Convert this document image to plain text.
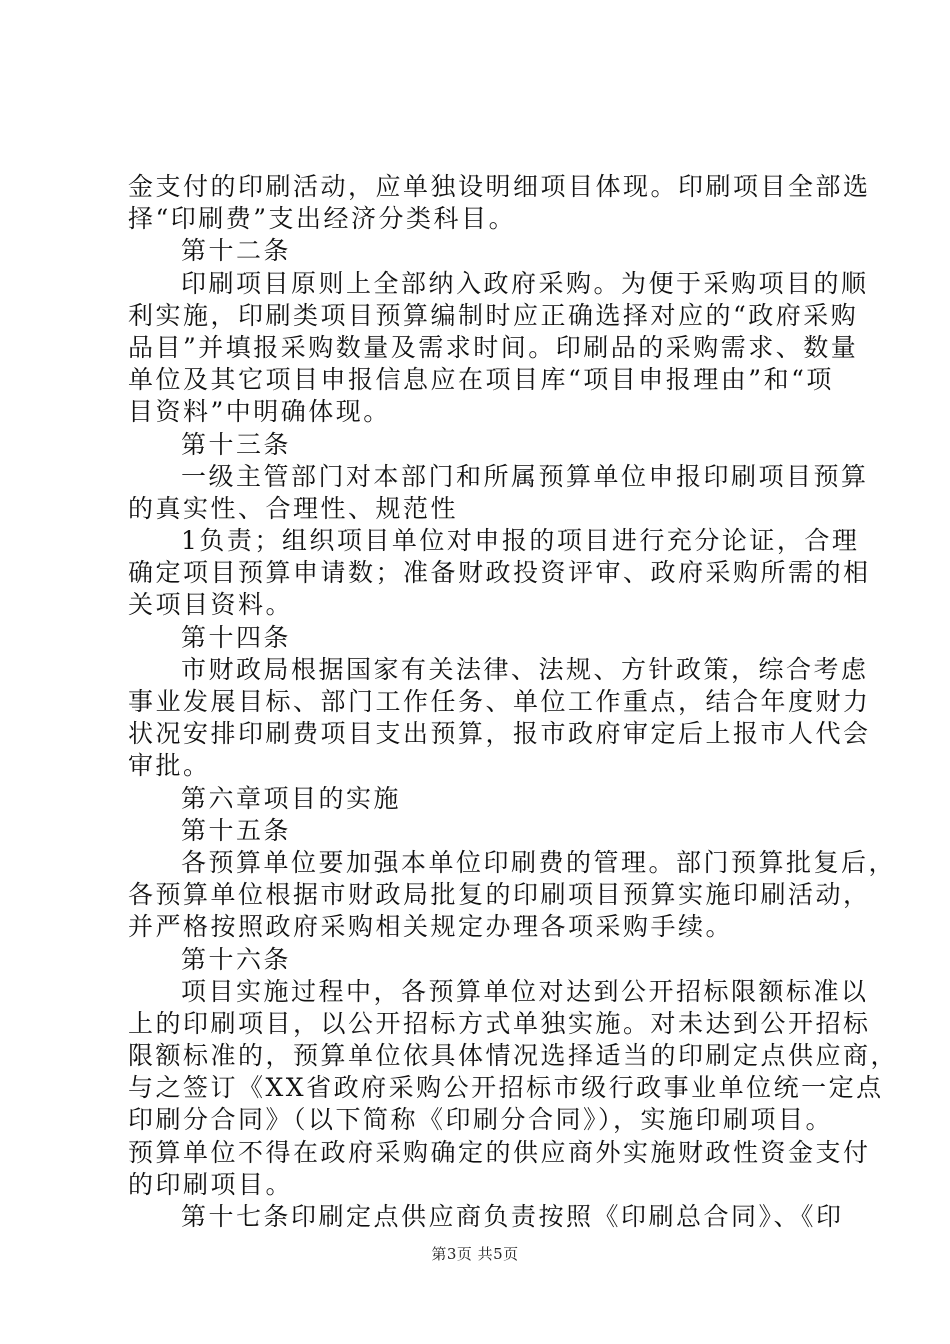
金支付的印刷活动，应单独设明细项目体现。印刷项目全部选
择“印刷费”支出经济分类科目。
第十二条
印刷项目原则上全部纳入政府采购。为便于采购项目的顺
利实施，印刷类项目预算编制时应正确选择对应的“政府采购
品目”并填报采购数量及需求时间。印刷品的采购需求、数量
单位及其它项目申报信息应在项目库“项目申报理由”和“项
目资料”中明确体现。
第十三条
一级主管部门对本部门和所属预算单位申报印刷项目预算
的真实性、合理性、规范性
1负责；组织项目单位对申报的项目进行充分论证，合理
确定项目预算申请数；准备财政投资评审、政府采购所需的相
关项目资料。
第十四条
市财政局根据国家有关法律、法规、方针政策，综合考虑
事业发展目标、部门工作任务、单位工作重点，结合年度财力
状况安排印刷费项目支出预算，报市政府审定后上报市人代会
审批。
第六章项目的实施
第十五条
各预算单位要加强本单位印刷费的管理。部门预算批复后，
各预算单位根据市财政局批复的印刷项目预算实施印刷活动，
并严格按照政府采购相关规定办理各项采购手续。
第十六条
项目实施过程中，各预算单位对达到公开招标限额标准以
上的印刷项目，以公开招标方式单独实施。对未达到公开招标
限额标准的，预算单位依具体情况选择适当的印刷定点供应商，
与之签订《XX省政府采购公开招标市级行政事业单位统一定点
印刷分合同》（以下简称《印刷分合同》），实施印刷项目。
预算单位不得在政府采购确定的供应商外实施财政性资金支付
的印刷项目。
第十七条印刷定点供应商负责按照《印刷总合同》、《印
第3页 共5页
